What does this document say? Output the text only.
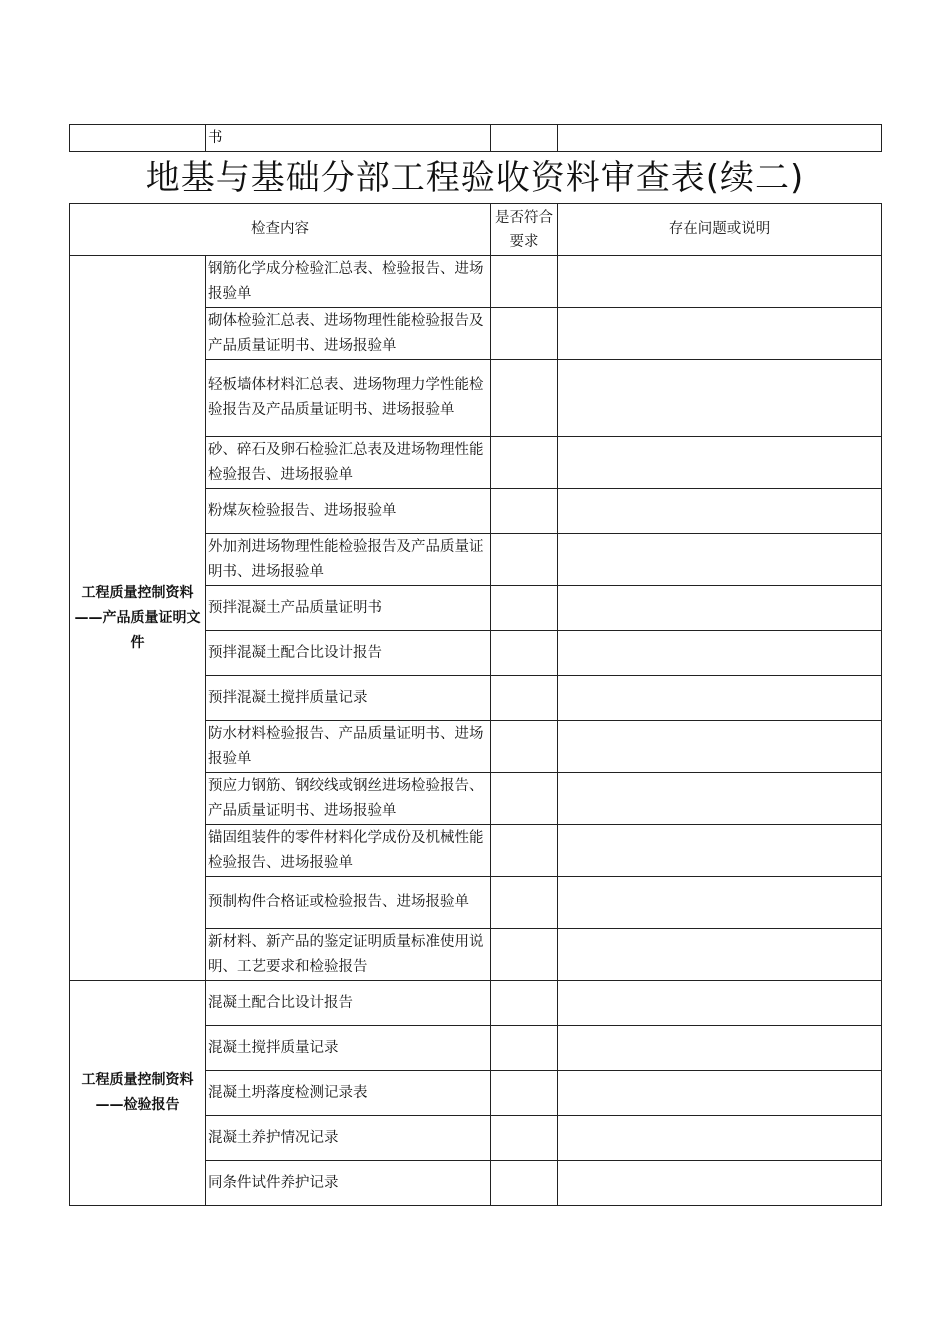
	书		
地基与基础分部工程验收资料审查表(续二)
检查内容		是否符合要求	存在问题或说明
工程质量控制资料——产品质量证明文件	钢筋化学成分检验汇总表、检验报告、进场报验单		
	砌体检验汇总表、进场物理性能检验报告及产品质量证明书、进场报验单		
	轻板墙体材料汇总表、进场物理力学性能检验报告及产品质量证明书、进场报验单		
	砂、碎石及卵石检验汇总表及进场物理性能检验报告、进场报验单		
	粉煤灰检验报告、进场报验单		
	外加剂进场物理性能检验报告及产品质量证明书、进场报验单		
	预拌混凝土产品质量证明书		
	预拌混凝土配合比设计报告		
	预拌混凝土搅拌质量记录		
	防水材料检验报告、产品质量证明书、进场报验单		
	预应力钢筋、钢绞线或钢丝进场检验报告、产品质量证明书、进场报验单		
	锚固组装件的零件材料化学成份及机械性能检验报告、进场报验单		
	预制构件合格证或检验报告、进场报验单		
	新材料、新产品的鉴定证明质量标准使用说明、工艺要求和检验报告		
工程质量控制资料——检验报告	混凝土配合比设计报告		
	混凝土搅拌质量记录		
	混凝土坍落度检测记录表		
	混凝土养护情况记录		
	同条件试件养护记录		
